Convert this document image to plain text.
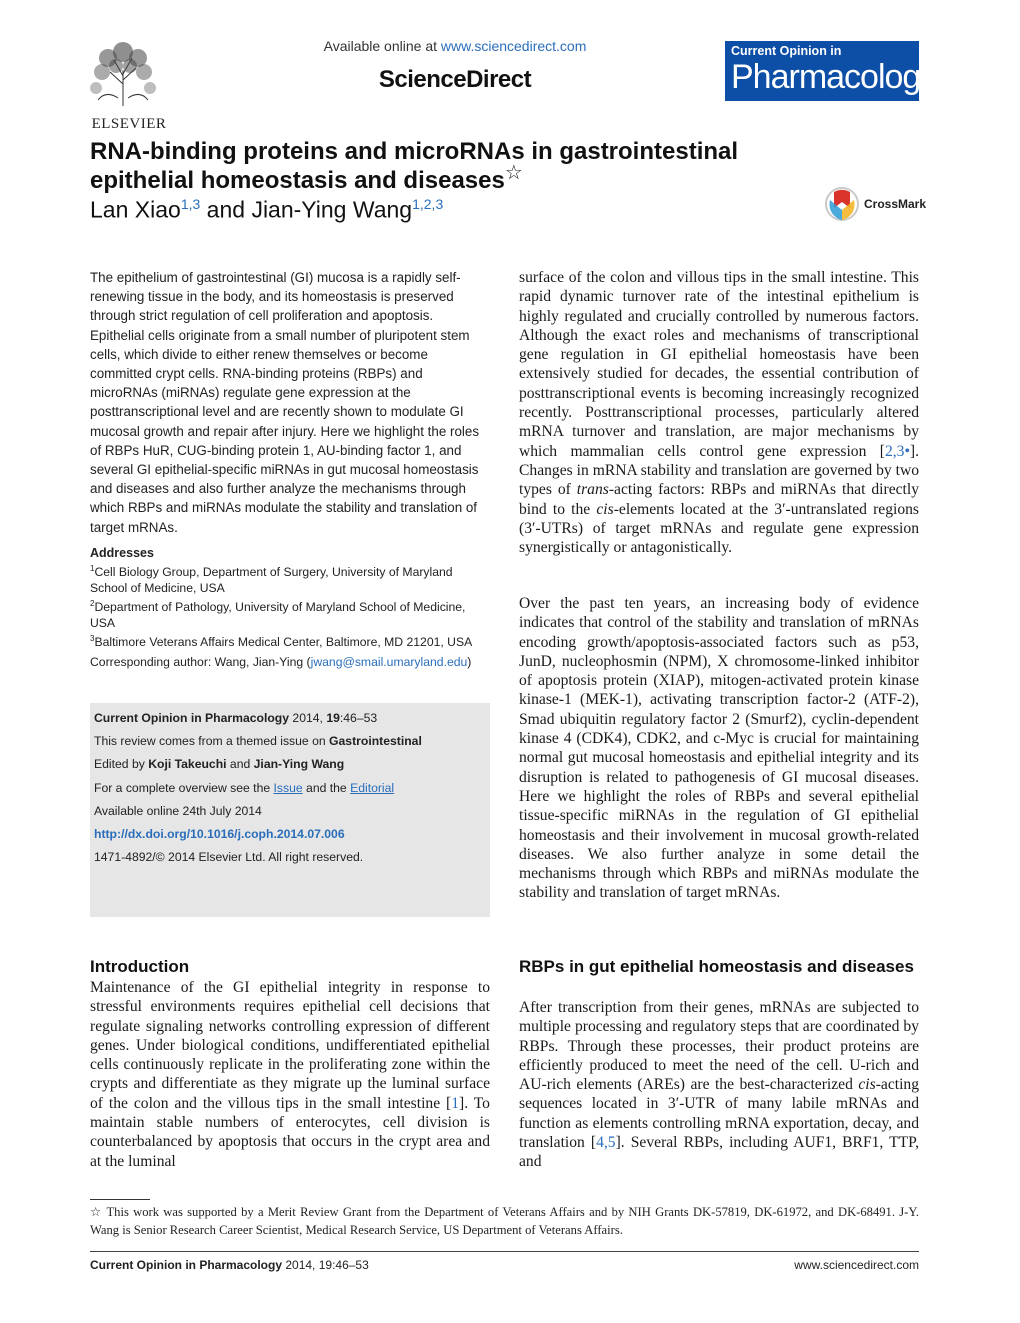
ELSEVIER
Available online at www.sciencedirect.com
ScienceDirect
Current Opinion in
Pharmacology
RNA-binding proteins and microRNAs in gastrointestinal
epithelial homeostasis and diseases☆
Lan Xiao$^{1,3}$ and Jian-Ying Wang$^{1,2,3}$	CrossMark
The epithelium of gastrointestinal (GI) mucosa is a rapidly self-renewing tissue in the body, and its homeostasis is preserved through strict regulation of cell proliferation and apoptosis. Epithelial cells originate from a small number of pluripotent stem cells, which divide to either renew themselves or become committed crypt cells. RNA-binding proteins (RBPs) and microRNAs (miRNAs) regulate gene expression at the posttranscriptional level and are recently shown to modulate GI mucosal growth and repair after injury. Here we highlight the roles of RBPs HuR, CUG-binding protein 1, AU-binding factor 1, and several GI epithelial-specific miRNAs in gut mucosal homeostasis and diseases and also further analyze the mechanisms through which RBPs and miRNAs modulate the stability and translation of target mRNAs.
Addresses
$^1$Cell Biology Group, Department of Surgery, University of Maryland School of Medicine, USA
$^2$Department of Pathology, University of Maryland School of Medicine, USA
$^3$Baltimore Veterans Affairs Medical Center, Baltimore, MD 21201, USA
Corresponding author: Wang, Jian-Ying (jwang@smail.umaryland.edu)
Current Opinion in Pharmacology 2014, 19:46–53
This review comes from a themed issue on Gastrointestinal
Edited by Koji Takeuchi and Jian-Ying Wang
For a complete overview see the Issue and the Editorial
Available online 24th July 2014
http://dx.doi.org/10.1016/j.coph.2014.07.006
1471-4892/© 2014 Elsevier Ltd. All right reserved.
surface of the colon and villous tips in the small intestine. This rapid dynamic turnover rate of the intestinal epithelium is highly regulated and crucially controlled by numerous factors. Although the exact roles and mechanisms of transcriptional gene regulation in GI epithelial homeostasis have been extensively studied for decades, the essential contribution of posttranscriptional events is becoming increasingly recognized recently. Posttranscriptional processes, particularly altered mRNA turnover and translation, are major mechanisms by which mammalian cells control gene expression [2,3•]. Changes in mRNA stability and translation are governed by two types of trans-acting factors: RBPs and miRNAs that directly bind to the cis-elements located at the 3′-untranslated regions (3′-UTRs) of target mRNAs and regulate gene expression synergistically or antagonistically.
Over the past ten years, an increasing body of evidence indicates that control of the stability and translation of mRNAs encoding growth/apoptosis-associated factors such as p53, JunD, nucleophosmin (NPM), X chromosome-linked inhibitor of apoptosis protein (XIAP), mitogen-activated protein kinase kinase-1 (MEK-1), activating transcription factor-2 (ATF-2), Smad ubiquitin regulatory factor 2 (Smurf2), cyclin-dependent kinase 4 (CDK4), CDK2, and c-Myc is crucial for maintaining normal gut mucosal homeostasis and epithelial integrity and its disruption is related to pathogenesis of GI mucosal diseases. Here we highlight the roles of RBPs and several epithelial tissue-specific miRNAs in the regulation of GI epithelial homeostasis and their involvement in mucosal growth-related diseases. We also further analyze in some detail the mechanisms through which RBPs and miRNAs modulate the stability and translation of target mRNAs.
Introduction
Maintenance of the GI epithelial integrity in response to stressful environments requires epithelial cell decisions that regulate signaling networks controlling expression of different genes. Under biological conditions, undifferentiated epithelial cells continuously replicate in the proliferating zone within the crypts and differentiate as they migrate up the luminal surface of the colon and the villous tips in the small intestine [1]. To maintain stable numbers of enterocytes, cell division is counterbalanced by apoptosis that occurs in the crypt area and at the luminal
RBPs in gut epithelial homeostasis and diseases
After transcription from their genes, mRNAs are subjected to multiple processing and regulatory steps that are coordinated by RBPs. Through these processes, their product proteins are efficiently produced to meet the need of the cell. U-rich and AU-rich elements (AREs) are the best-characterized cis-acting sequences located in 3′-UTR of many labile mRNAs and function as elements controlling mRNA exportation, decay, and translation [4,5]. Several RBPs, including AUF1, BRF1, TTP, and
☆ This work was supported by a Merit Review Grant from the Department of Veterans Affairs and by NIH Grants DK-57819, DK-61972, and DK-68491. J-Y. Wang is Senior Research Career Scientist, Medical Research Service, US Department of Veterans Affairs.
Current Opinion in Pharmacology 2014, 19:46–53	www.sciencedirect.com
